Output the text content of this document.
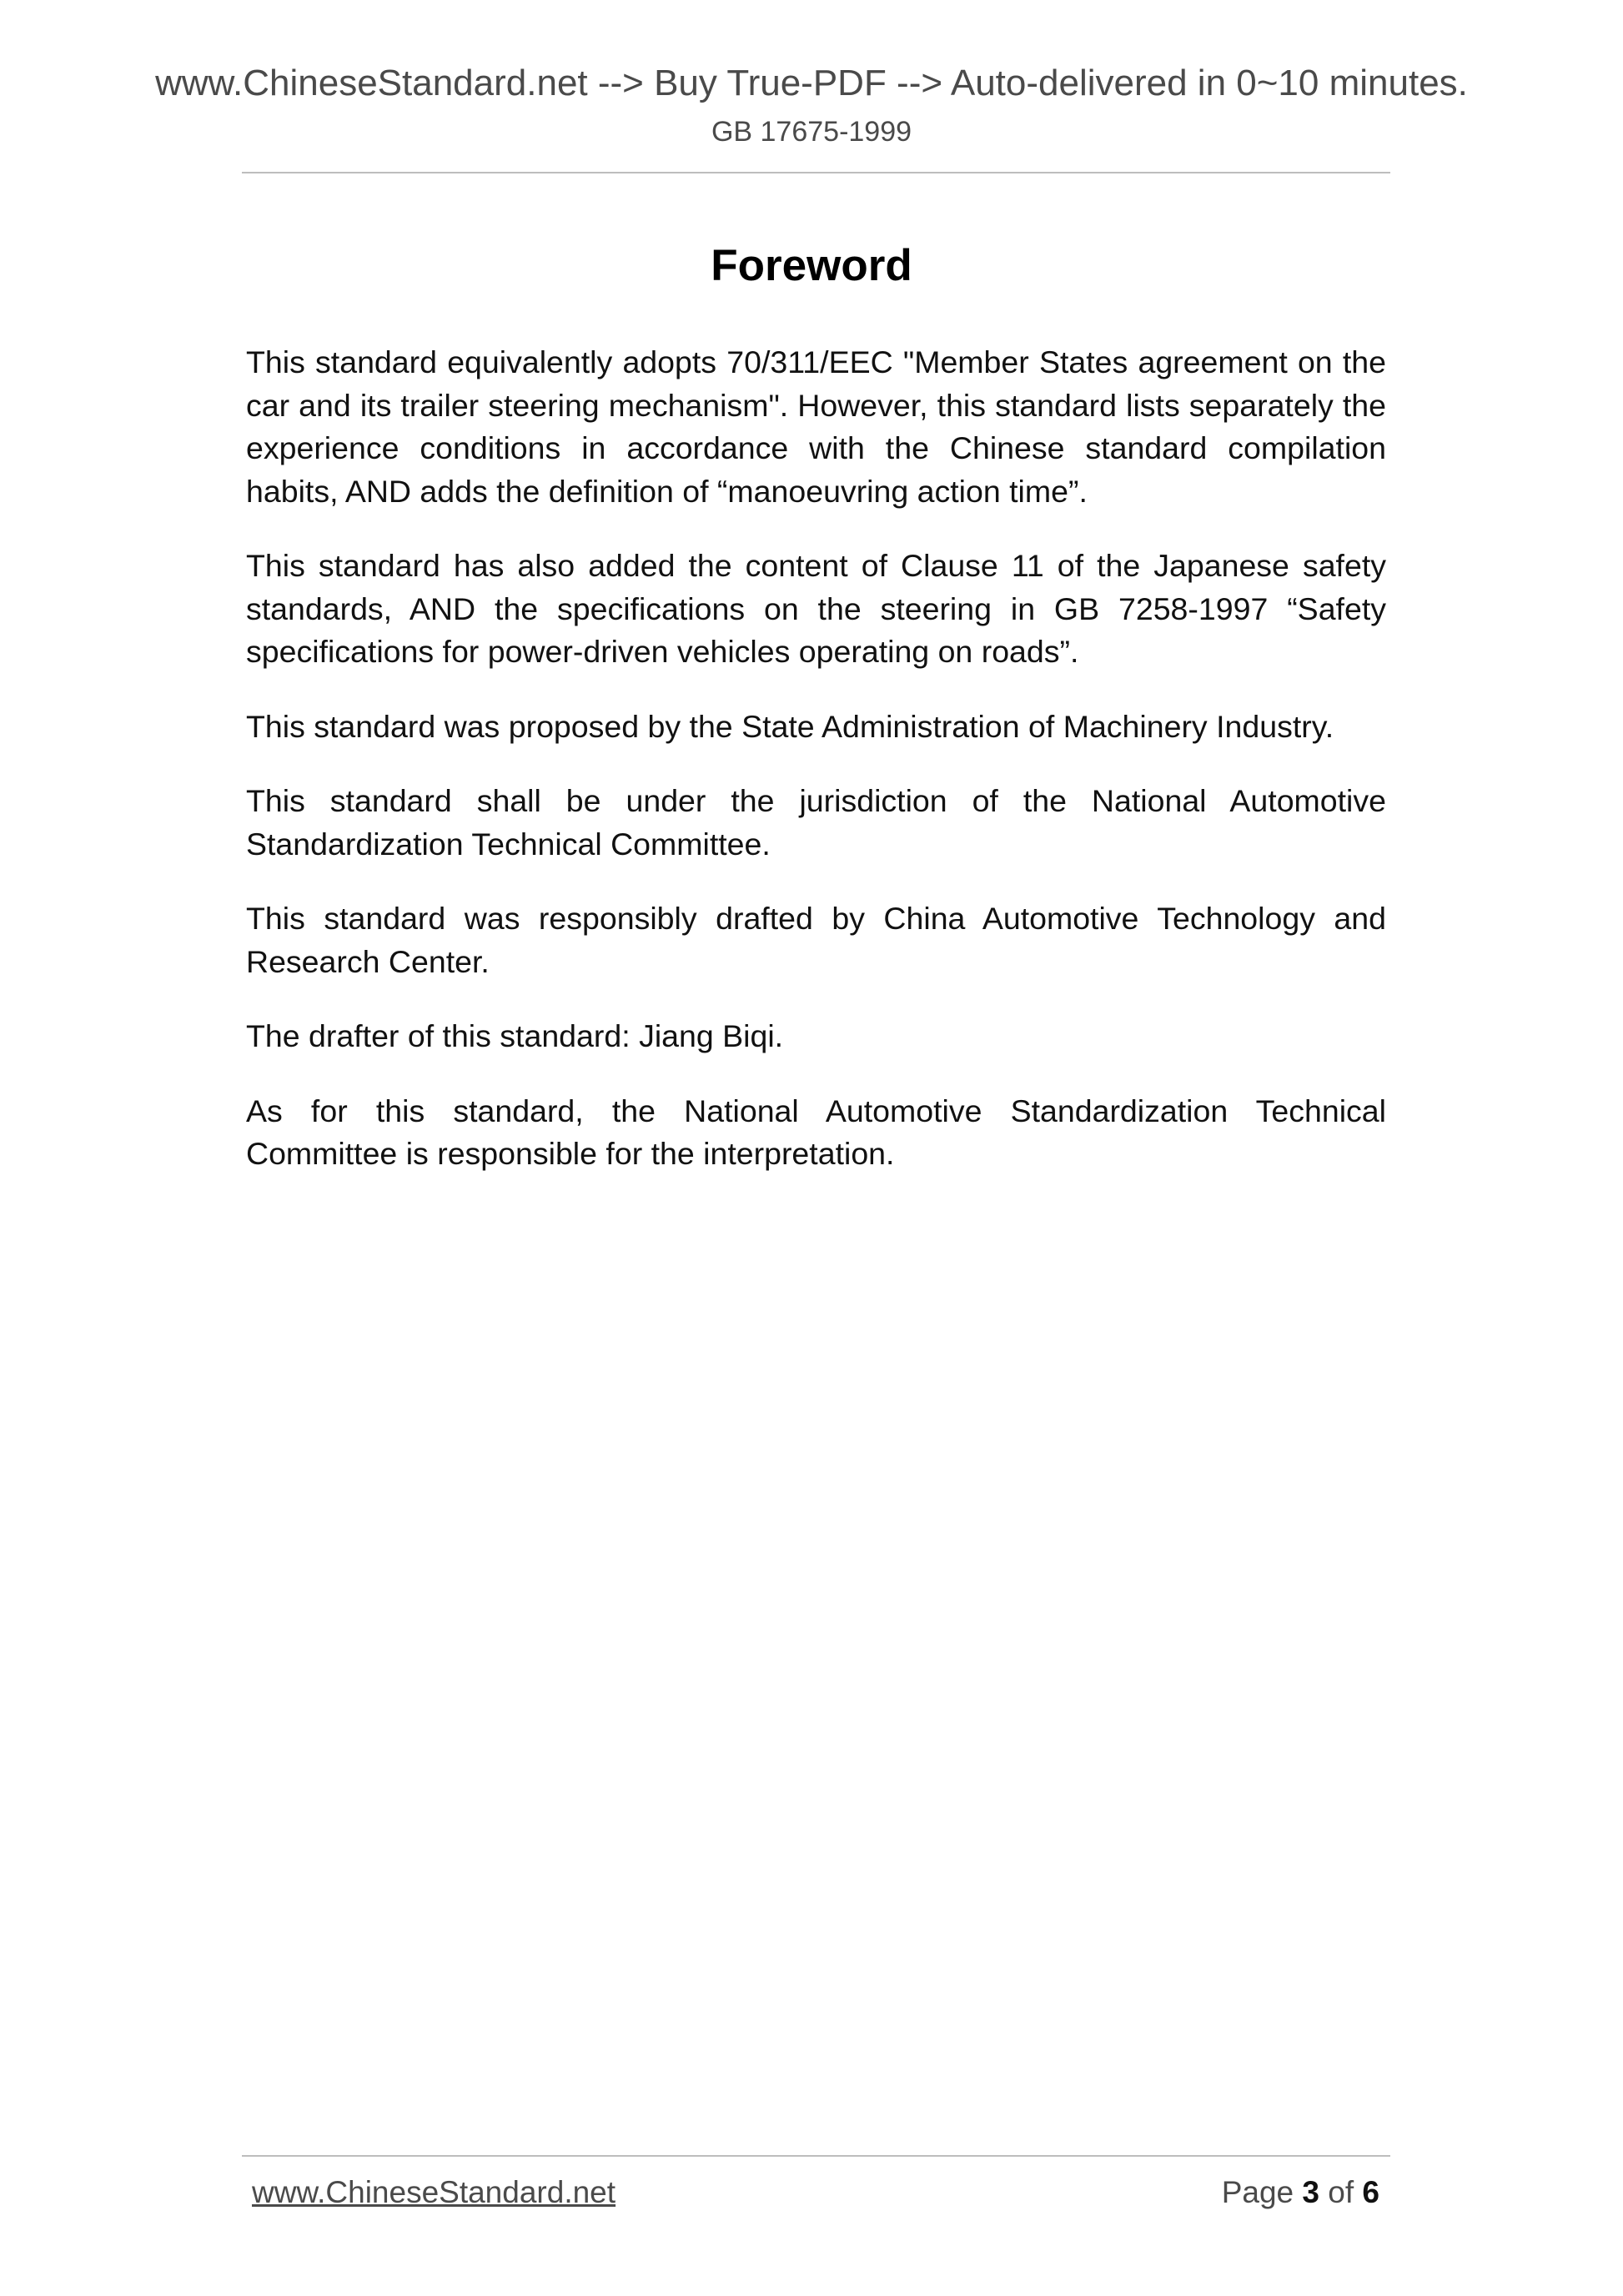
www.ChineseStandard.net --> Buy True-PDF --> Auto-delivered in 0~10 minutes.
GB 17675-1999
Foreword

This standard equivalently adopts 70/311/EEC "Member States agreement on the car and its trailer steering mechanism". However, this standard lists separately the experience conditions in accordance with the Chinese standard compilation habits, AND adds the definition of “manoeuvring action time”.

This standard has also added the content of Clause 11 of the Japanese safety standards, AND the specifications on the steering in GB 7258-1997 “Safety specifications for power-driven vehicles operating on roads”.

This standard was proposed by the State Administration of Machinery Industry.

This standard shall be under the jurisdiction of the National Automotive Standardization Technical Committee.

This standard was responsibly drafted by China Automotive Technology and Research Center.

The drafter of this standard: Jiang Biqi.

As for this standard, the National Automotive Standardization Technical Committee is responsible for the interpretation.

www.ChineseStandard.net	Page 3 of 6
